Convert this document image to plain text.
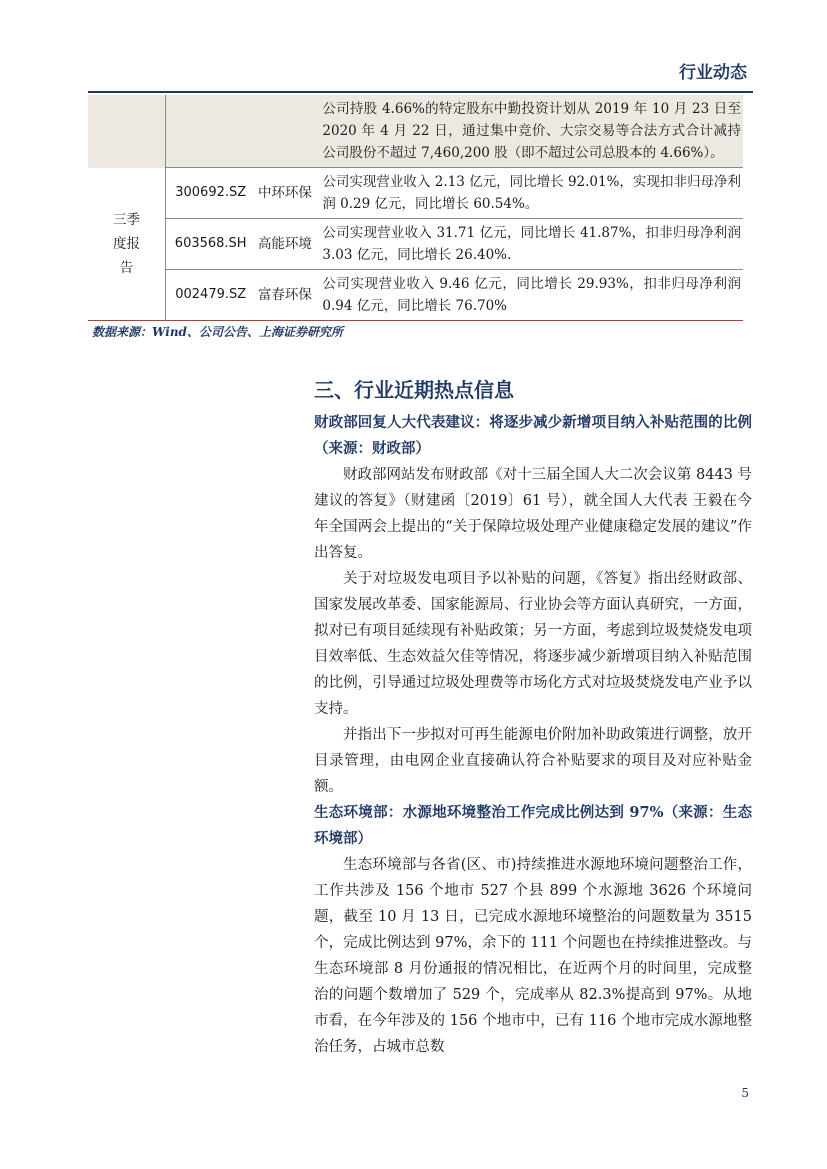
行业动态
			公司持股 4.66%的特定股东中勤投资计划从 2019 年 10 月 23 日至 2020 年 4 月 22 日，通过集中竞价、大宗交易等合法方式合计减持公司股份不超过 7,460,200 股（即不超过公司总股本的 4.66%）。
三季度报告	300692.SZ	中环环保	公司实现营业收入 2.13 亿元，同比增长 92.01%，实现扣非归母净利润 0.29 亿元，同比增长 60.54%。
	603568.SH	高能环境	公司实现营业收入 31.71 亿元，同比增长 41.87%，扣非归母净利润 3.03 亿元，同比增长 26.40%.
	002479.SZ	富春环保	公司实现营业收入 9.46 亿元，同比增长 29.93%，扣非归母净利润 0.94 亿元，同比增长 76.70%
数据来源：Wind、公司公告、上海证券研究所
三、行业近期热点信息

财政部回复人大代表建议：将逐步减少新增项目纳入补贴范围的比例（来源：财政部）

财政部网站发布财政部《对十三届全国人大二次会议第 8443 号建议的答复》（财建函〔2019〕61 号），就全国人大代表 王毅在今年全国两会上提出的“关于保障垃圾处理产业健康稳定发展的建议”作出答复。

关于对垃圾发电项目予以补贴的问题，《答复》指出经财政部、国家发展改革委、国家能源局、行业协会等方面认真研究，一方面，拟对已有项目延续现有补贴政策；另一方面，考虑到垃圾焚烧发电项目效率低、生态效益欠佳等情况，将逐步减少新增项目纳入补贴范围的比例，引导通过垃圾处理费等市场化方式对垃圾焚烧发电产业予以支持。

并指出下一步拟对可再生能源电价附加补助政策进行调整，放开目录管理，由电网企业直接确认符合补贴要求的项目及对应补贴金额。

生态环境部：水源地环境整治工作完成比例达到 97%（来源：生态环境部）

生态环境部与各省(区、市)持续推进水源地环境问题整治工作，工作共涉及 156 个地市 527 个县 899 个水源地 3626 个环境问题，截至 10 月 13 日，已完成水源地环境整治的问题数量为 3515 个，完成比例达到 97%，余下的 111 个问题也在持续推进整改。与生态环境部 8 月份通报的情况相比，在近两个月的时间里，完成整治的问题个数增加了 529 个，完成率从 82.3%提高到 97%。从地市看，在今年涉及的 156 个地市中，已有 116 个地市完成水源地整治任务，占城市总数

5
